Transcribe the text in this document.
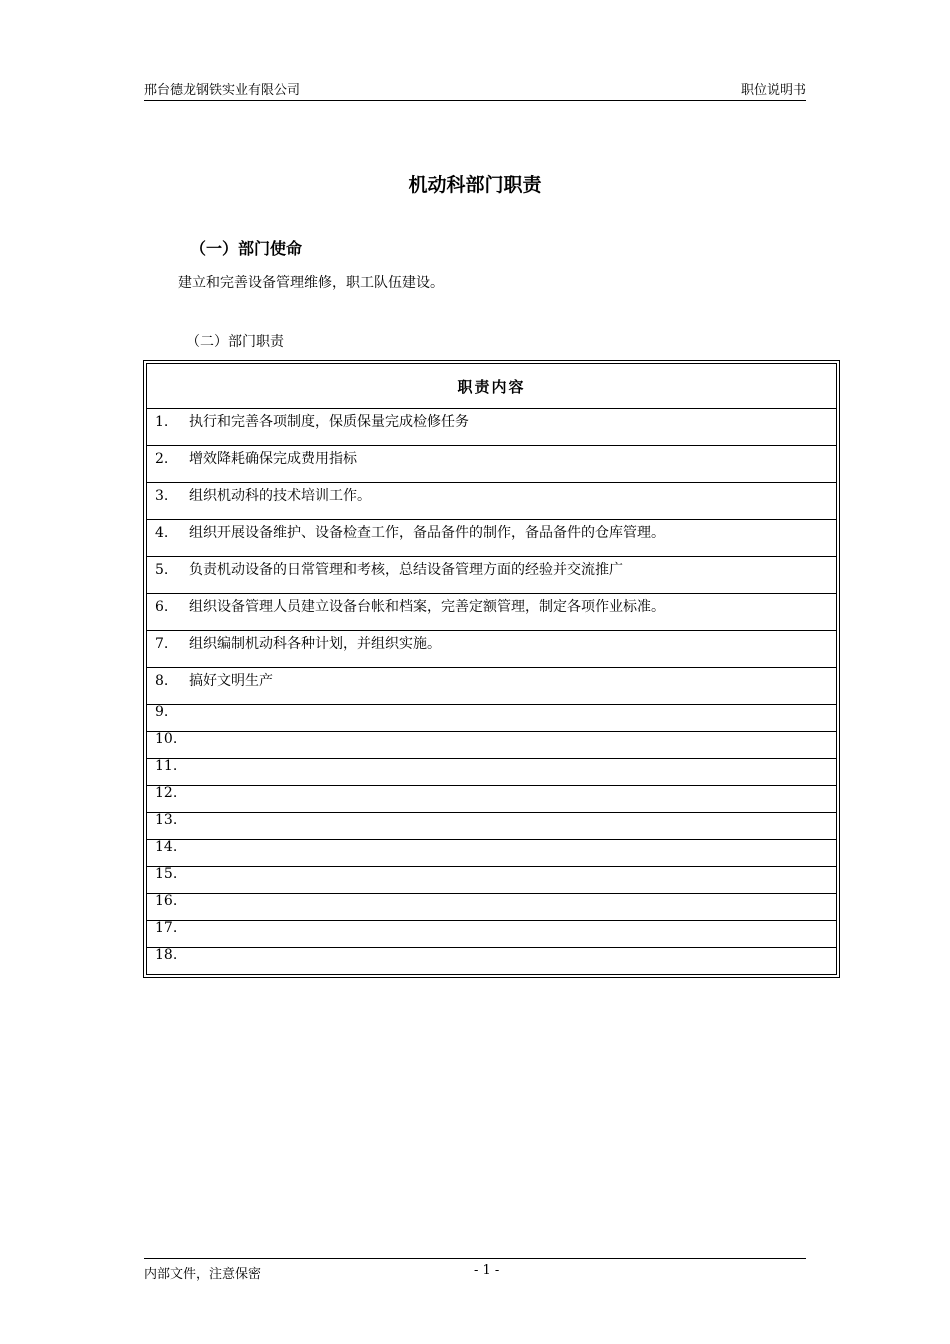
邢台德龙钢铁实业有限公司	职位说明书
机动科部门职责
（一）部门使命
建立和完善设备管理维修，职工队伍建设。
（二）部门职责
职责内容
1. 执行和完善各项制度，保质保量完成检修任务
2. 增效降耗确保完成费用指标
3. 组织机动科的技术培训工作。
4. 组织开展设备维护、设备检查工作，备品备件的制作，备品备件的仓库管理。
5. 负责机动设备的日常管理和考核，总结设备管理方面的经验并交流推广
6. 组织设备管理人员建立设备台帐和档案，完善定额管理，制定各项作业标准。
7. 组织编制机动科各种计划，并组织实施。
8. 搞好文明生产
9.
10.
11.
12.
13.
14.
15.
16.
17.
18.
内部文件，注意保密	- 1 -
